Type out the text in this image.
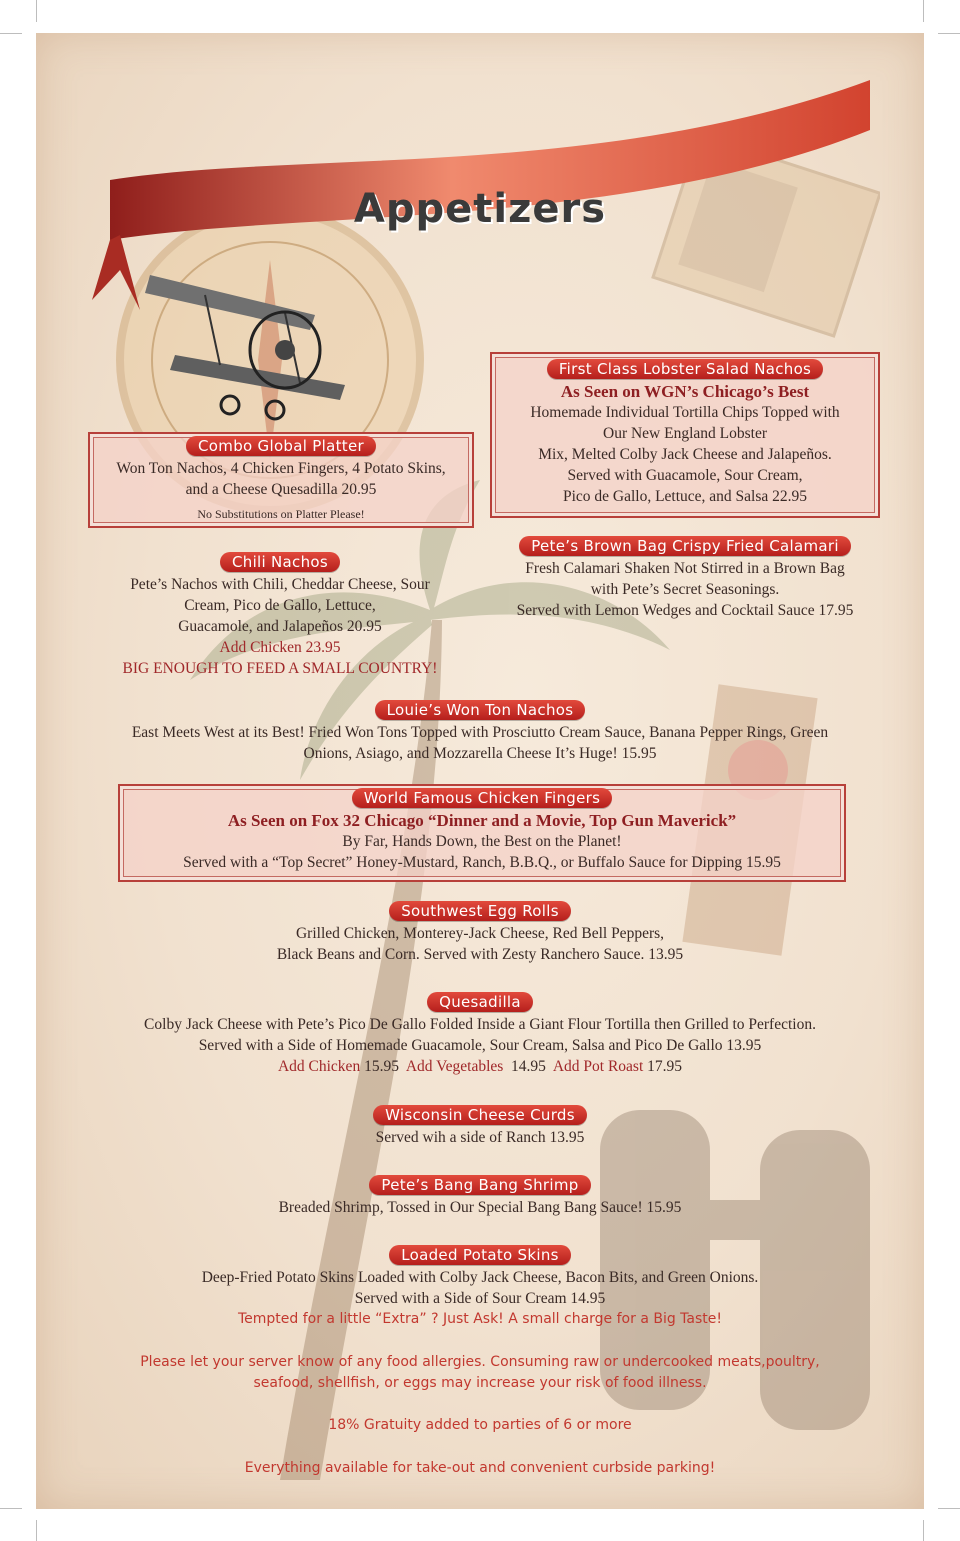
Appetizers
Combo Global Platter
Won Ton Nachos, 4 Chicken Fingers, 4 Potato Skins,
and a Cheese Quesadilla 20.95
No Substitutions on Platter Please!
First Class Lobster Salad Nachos
As Seen on WGN’s Chicago’s Best
Homemade Individual Tortilla Chips Topped with
Our New England Lobster
Mix, Melted Colby Jack Cheese and Jalapeños.
Served with Guacamole, Sour Cream,
Pico de Gallo, Lettuce, and Salsa 22.95
Chili Nachos
Pete’s Nachos with Chili, Cheddar Cheese, Sour
Cream, Pico de Gallo, Lettuce,
Guacamole, and Jalapeños 20.95
Add Chicken 23.95
BIG ENOUGH TO FEED A SMALL COUNTRY!
Pete’s Brown Bag Crispy Fried Calamari
Fresh Calamari Shaken Not Stirred in a Brown Bag
with Pete’s Secret Seasonings.
Served with Lemon Wedges and Cocktail Sauce 17.95
Louie’s Won Ton Nachos
East Meets West at its Best! Fried Won Tons Topped with Prosciutto Cream Sauce, Banana Pepper Rings, Green
Onions, Asiago, and Mozzarella Cheese It’s Huge! 15.95
World Famous Chicken Fingers
As Seen on Fox 32 Chicago “Dinner and a Movie, Top Gun Maverick”
By Far, Hands Down, the Best on the Planet!
Served with a “Top Secret” Honey-Mustard, Ranch, B.B.Q., or Buffalo Sauce for Dipping 15.95
Southwest Egg Rolls
Grilled Chicken, Monterey-Jack Cheese, Red Bell Peppers,
Black Beans and Corn. Served with Zesty Ranchero Sauce. 13.95
Quesadilla
Colby Jack Cheese with Pete’s Pico De Gallo Folded Inside a Giant Flour Tortilla then Grilled to Perfection.
Served with a Side of Homemade Guacamole, Sour Cream, Salsa and Pico De Gallo 13.95
Add Chicken 15.95 Add Vegetables 14.95 Add Pot Roast 17.95
Wisconsin Cheese Curds
Served wih a side of Ranch 13.95
Pete’s Bang Bang Shrimp
Breaded Shrimp, Tossed in Our Special Bang Bang Sauce! 15.95
Loaded Potato Skins
Deep-Fried Potato Skins Loaded with Colby Jack Cheese, Bacon Bits, and Green Onions.
Served with a Side of Sour Cream 14.95
Tempted for a little “Extra” ? Just Ask! A small charge for a Big Taste!
Please let your server know of any food allergies. Consuming raw or undercooked meats,poultry,
seafood, shellfish, or eggs may increase your risk of food illness.
18% Gratuity added to parties of 6 or more
Everything available for take-out and convenient curbside parking!
